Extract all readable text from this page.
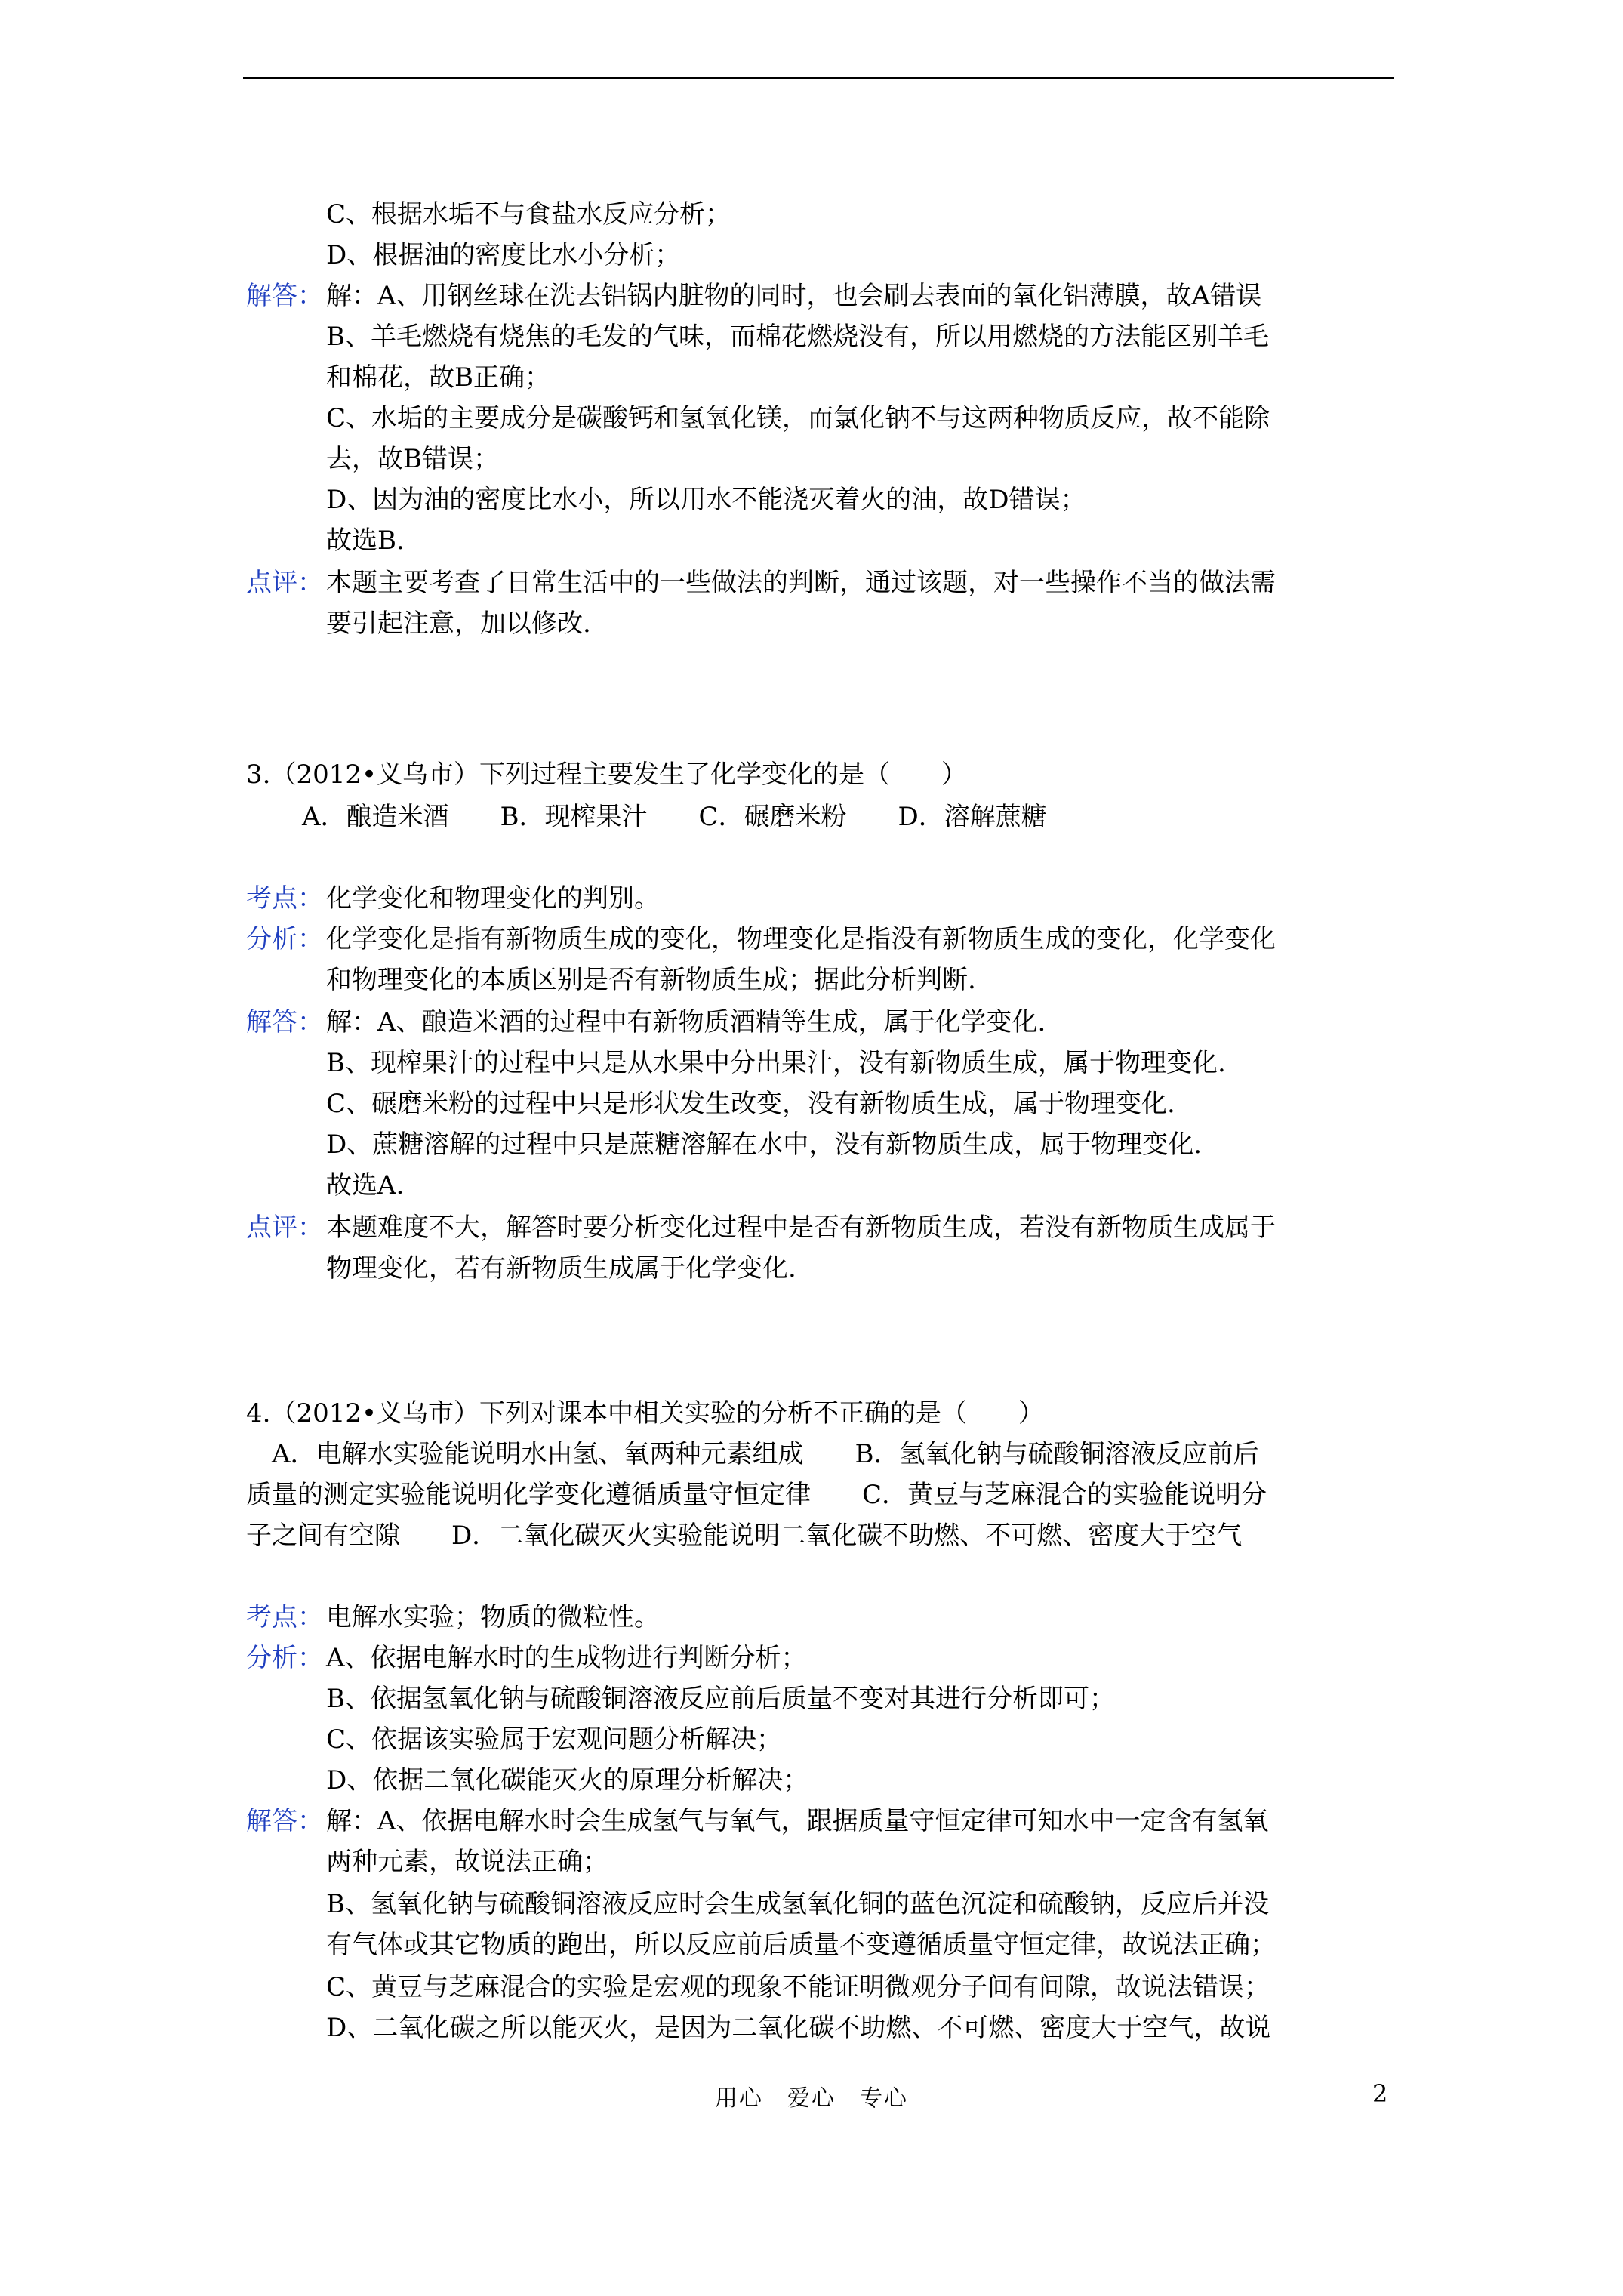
C、根据水垢不与食盐水反应分析；
D、根据油的密度比水小分析；
解答： 解：A、用钢丝球在洗去铝锅内脏物的同时，也会刷去表面的氧化铝薄膜，故A错误
B、羊毛燃烧有烧焦的毛发的气味，而棉花燃烧没有，所以用燃烧的方法能区别羊毛
和棉花，故B正确；
C、水垢的主要成分是碳酸钙和氢氧化镁，而氯化钠不与这两种物质反应，故不能除
去，故B错误；
D、因为油的密度比水小，所以用水不能浇灭着火的油，故D错误；
故选B.
点评： 本题主要考查了日常生活中的一些做法的判断，通过该题，对一些操作不当的做法需
要引起注意，加以修改.
3.（2012•义乌市）下列过程主要发生了化学变化的是（　　）
A．酿造米酒　　B．现榨果汁　　C．碾磨米粉　　D．溶解蔗糖
考点： 化学变化和物理变化的判别。
分析： 化学变化是指有新物质生成的变化，物理变化是指没有新物质生成的变化，化学变化
和物理变化的本质区别是否有新物质生成；据此分析判断.
解答： 解：A、酿造米酒的过程中有新物质酒精等生成，属于化学变化.
B、现榨果汁的过程中只是从水果中分出果汁，没有新物质生成，属于物理变化.
C、碾磨米粉的过程中只是形状发生改变，没有新物质生成，属于物理变化.
D、蔗糖溶解的过程中只是蔗糖溶解在水中，没有新物质生成，属于物理变化.
故选A.
点评： 本题难度不大，解答时要分析变化过程中是否有新物质生成，若没有新物质生成属于
物理变化，若有新物质生成属于化学变化.
4.（2012•义乌市）下列对课本中相关实验的分析不正确的是（　　）
　A．电解水实验能说明水由氢、氧两种元素组成　　B．氢氧化钠与硫酸铜溶液反应前后
质量的测定实验能说明化学变化遵循质量守恒定律　　C．黄豆与芝麻混合的实验能说明分
子之间有空隙　　D．二氧化碳灭火实验能说明二氧化碳不助燃、不可燃、密度大于空气
考点： 电解水实验；物质的微粒性。
分析： A、依据电解水时的生成物进行判断分析；
B、依据氢氧化钠与硫酸铜溶液反应前后质量不变对其进行分析即可；
C、依据该实验属于宏观问题分析解决；
D、依据二氧化碳能灭火的原理分析解决；
解答： 解：A、依据电解水时会生成氢气与氧气，跟据质量守恒定律可知水中一定含有氢氧
两种元素，故说法正确；
B、氢氧化钠与硫酸铜溶液反应时会生成氢氧化铜的蓝色沉淀和硫酸钠，反应后并没
有气体或其它物质的跑出，所以反应前后质量不变遵循质量守恒定律，故说法正确；
C、黄豆与芝麻混合的实验是宏观的现象不能证明微观分子间有间隙，故说法错误；
D、二氧化碳之所以能灭火，是因为二氧化碳不助燃、不可燃、密度大于空气，故说
用心　爱心　专心	2
